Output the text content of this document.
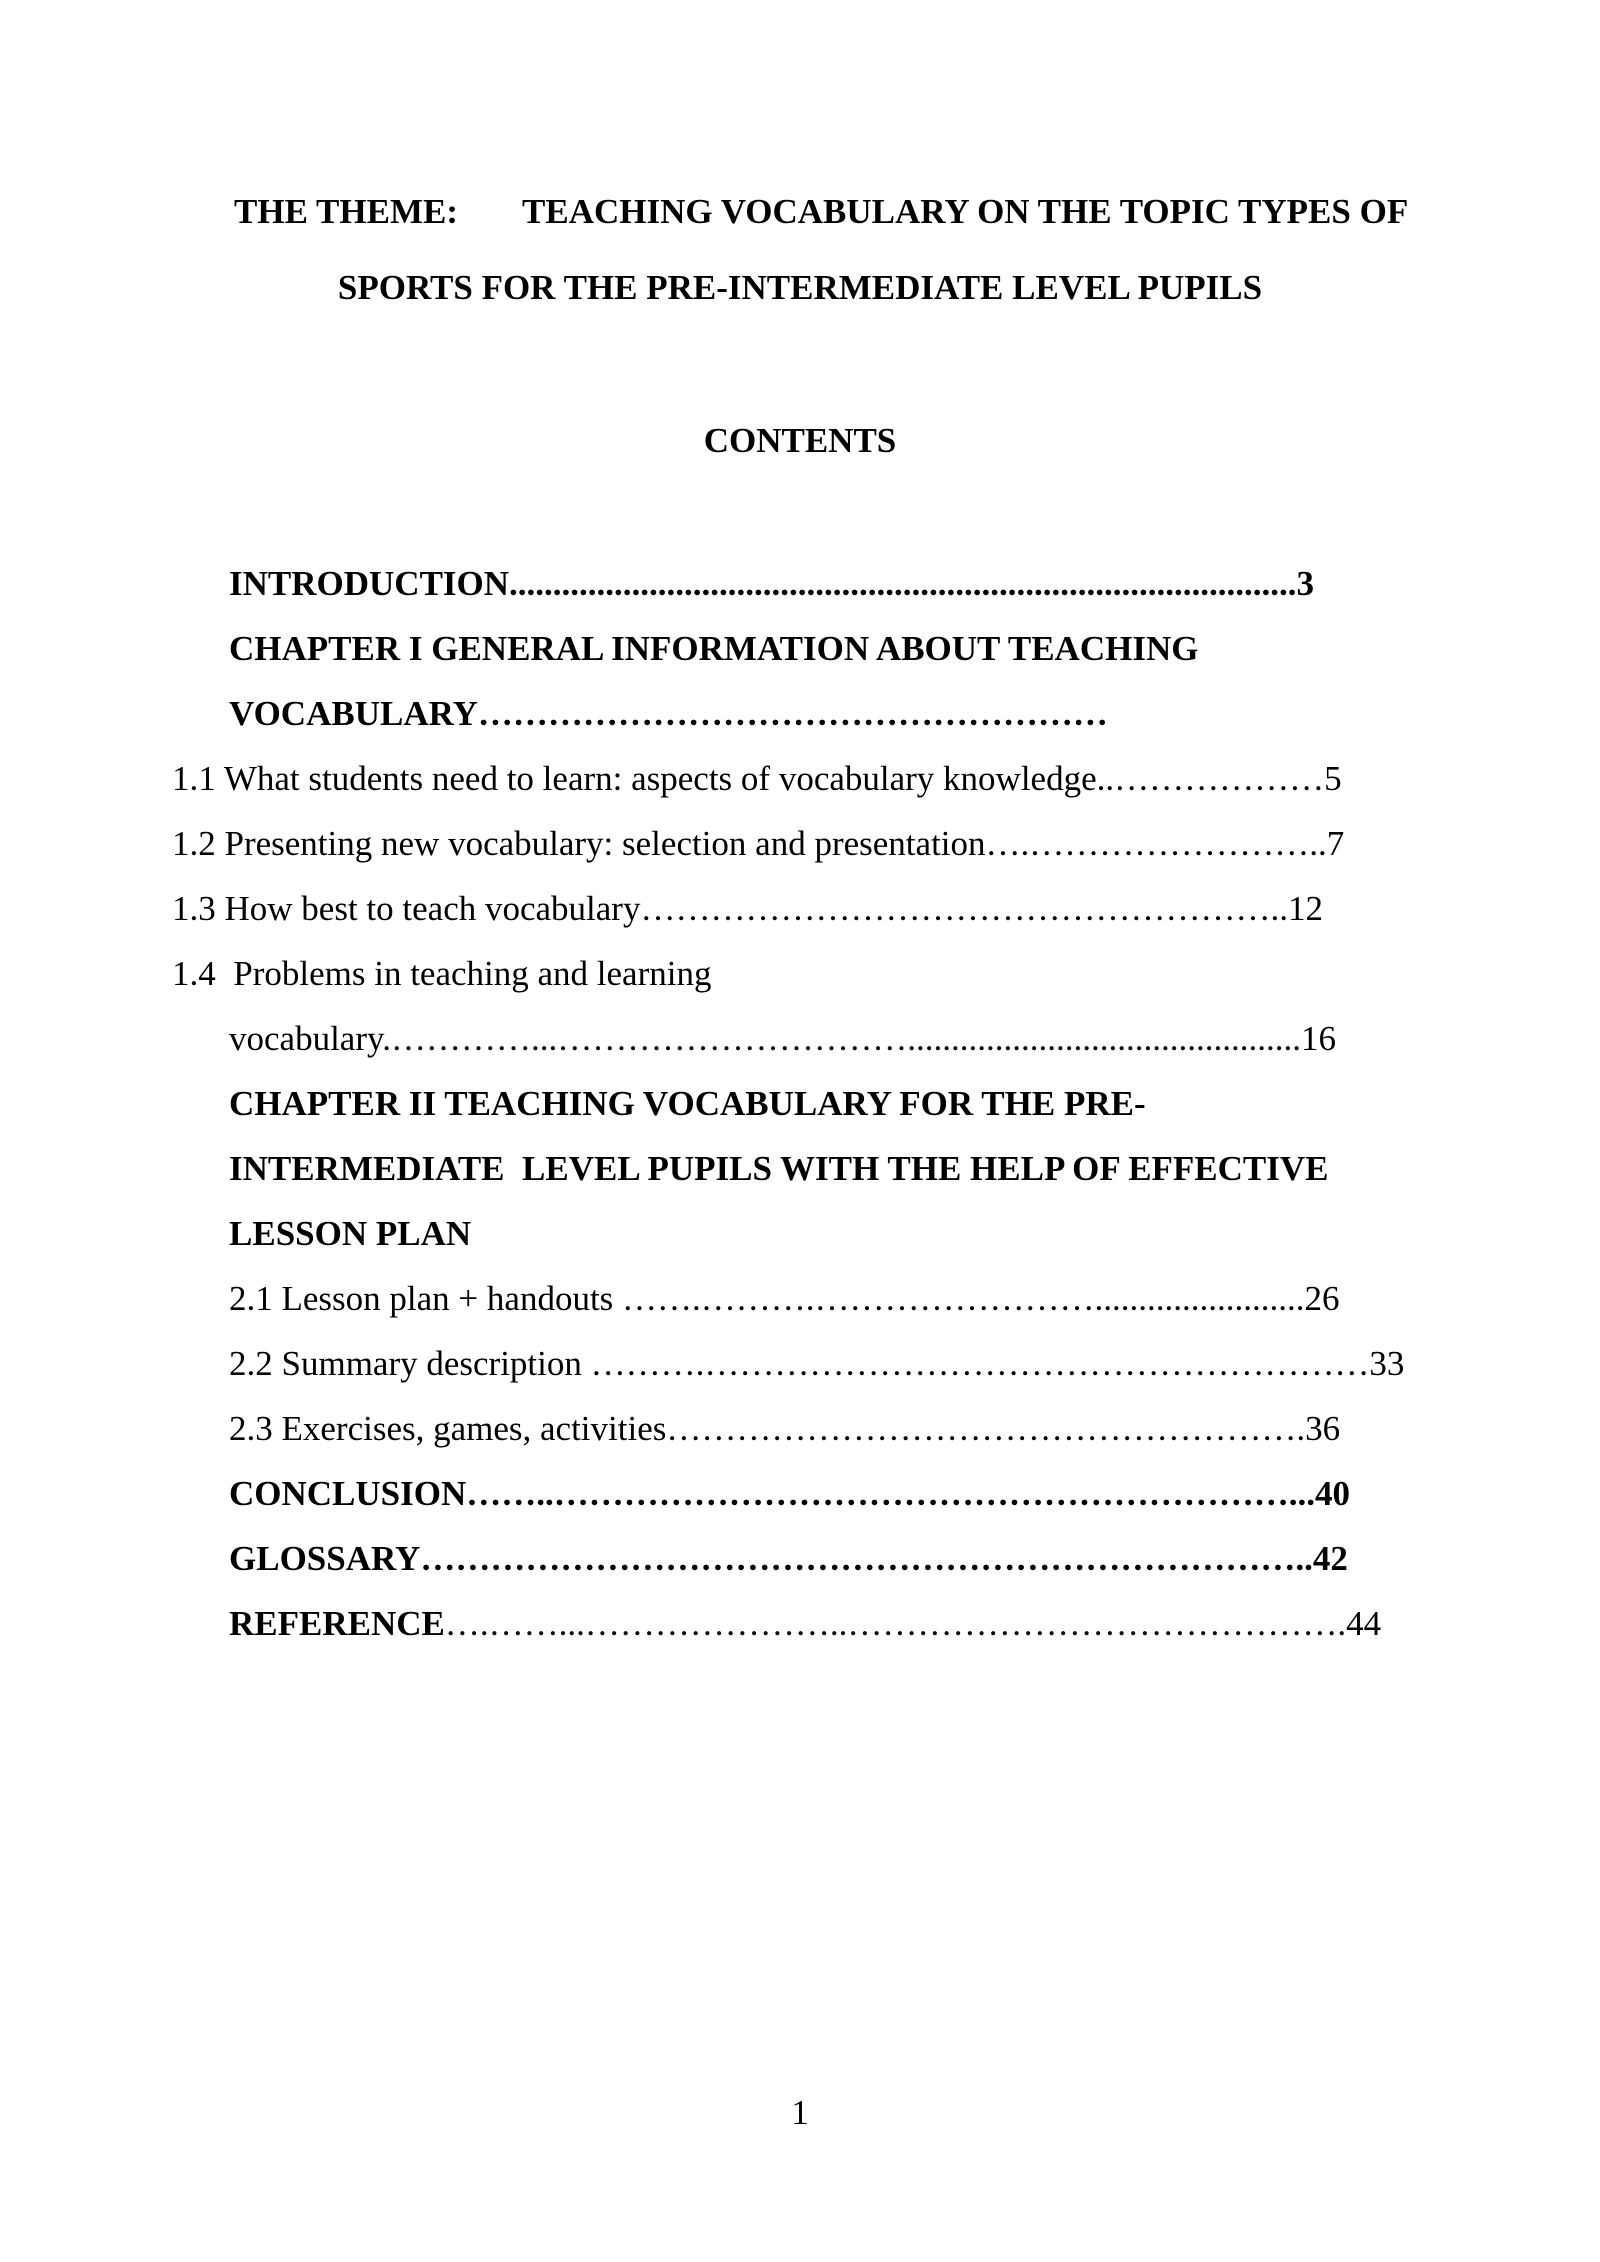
THE THEME: TEACHING VOCABULARY ON THE TOPIC TYPES OF
SPORTS FOR THE PRE-INTERMEDIATE LEVEL PUPILS
CONTENTS
INTRODUCTION..........................................................................................3
CHAPTER I GENERAL INFORMATION ABOUT TEACHING
VOCABULARY………………………………………………
1.1 What students need to learn: aspects of vocabulary knowledge..………………5
1.2 Presenting new vocabulary: selection and presentation….……………………..7
1.3 How best to teach vocabulary………………………………………………..12
1.4  Problems in teaching and learning
vocabulary.…………...………………………….............................................16
CHAPTER II TEACHING VOCABULARY FOR THE PRE-
INTERMEDIATE  LEVEL PUPILS WITH THE HELP OF EFFECTIVE
LESSON PLAN
2.1 Lesson plan + handouts …….……….……………………........................26
2.2 Summary description ……….…………………………………………………33
2.3 Exercises, games, activities……………………………………………….36
CONCLUSION……..………………………………………………………...40
GLOSSARY…………………………………………………………………..42
REFERENCE….……...…………………..…………………………………….44
1
